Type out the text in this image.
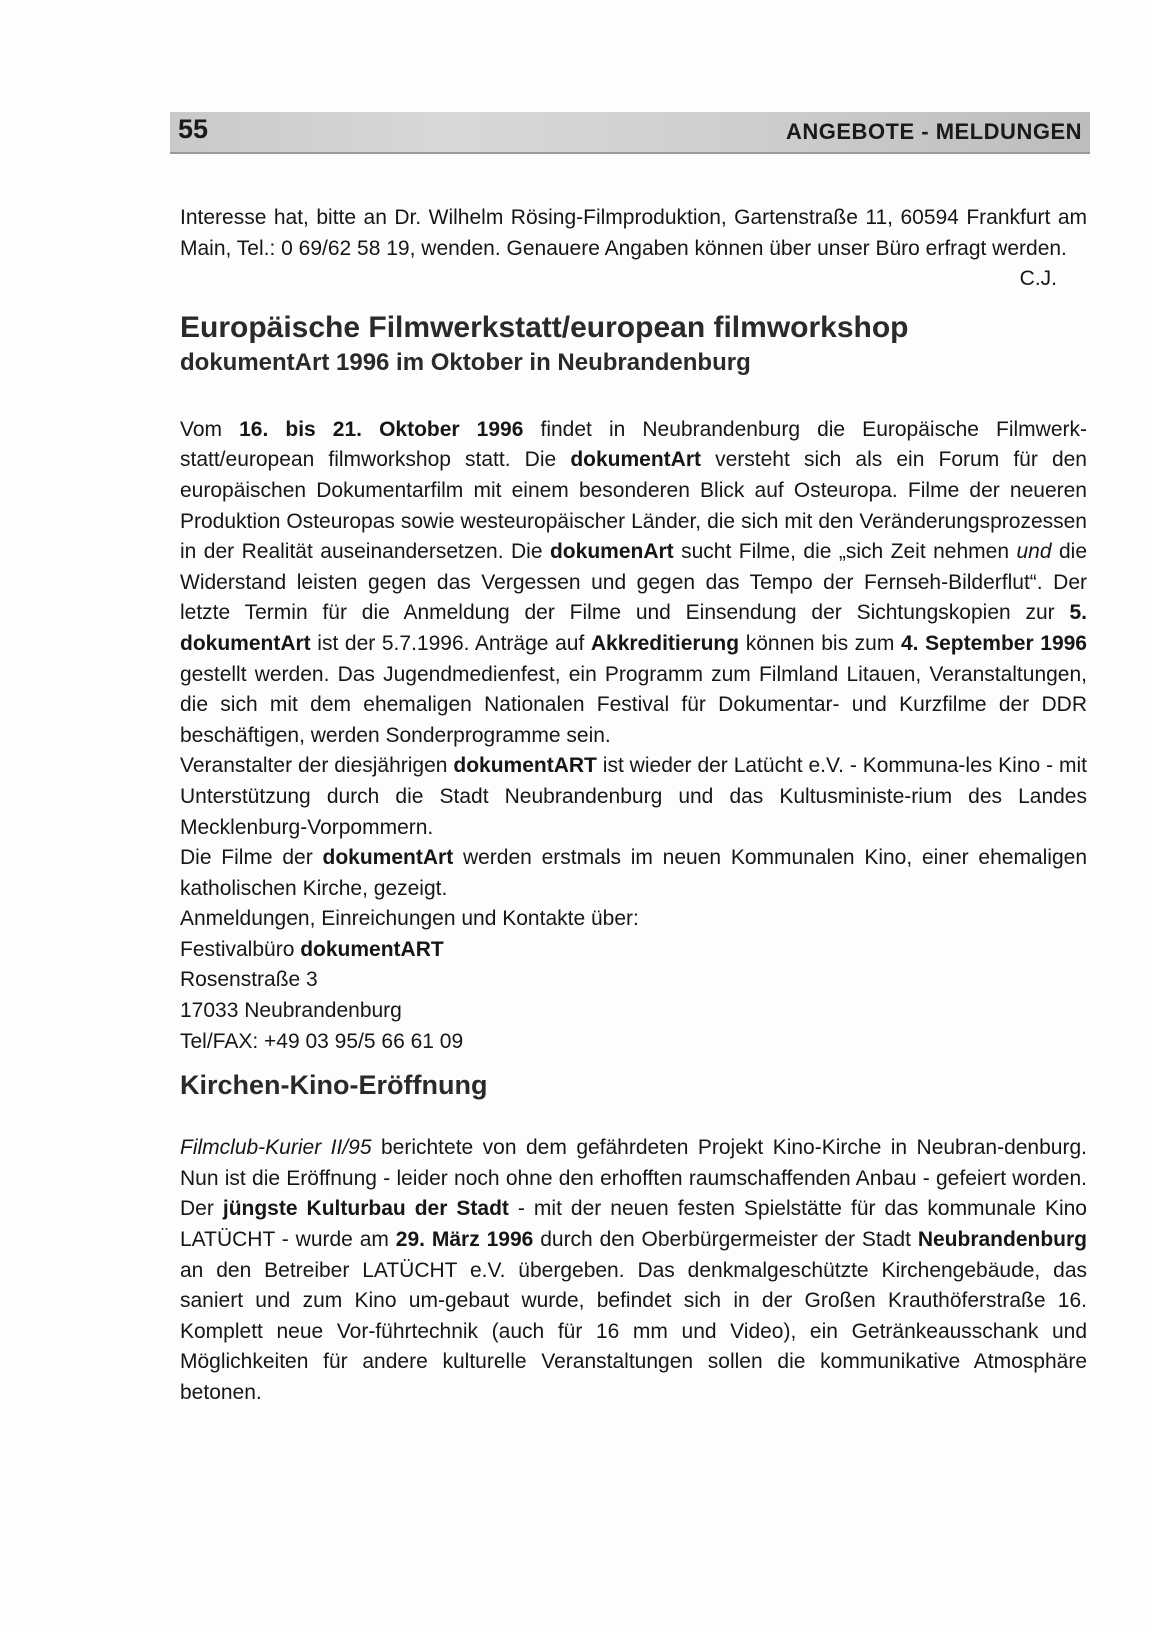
55	ANGEBOTE - MELDUNGEN

Interesse hat, bitte an Dr. Wilhelm Rösing-Filmproduktion, Gartenstraße 11, 60594 Frankfurt am Main, Tel.: 0 69/62 58 19, wenden. Genauere Angaben können über unser Büro erfragt werden.

C.J.
Europäische Filmwerkstatt/european filmworkshop
dokumentArt 1996 im Oktober in Neubrandenburg

Vom 16. bis 21. Oktober 1996 findet in Neubrandenburg die Europäische Filmwerk-statt/european filmworkshop statt. Die dokumentArt versteht sich als ein Forum für den europäischen Dokumentarfilm mit einem besonderen Blick auf Osteuropa. Filme der neueren Produktion Osteuropas sowie westeuropäischer Länder, die sich mit den Veränderungsprozessen in der Realität auseinandersetzen. Die dokumenArt sucht Filme, die „sich Zeit nehmen und die Widerstand leisten gegen das Vergessen und gegen das Tempo der Fernseh-Bilderflut“. Der letzte Termin für die Anmeldung der Filme und Einsendung der Sichtungskopien zur 5. dokumentArt ist der 5.7.1996. Anträge auf Akkreditierung können bis zum 4. September 1996 gestellt werden. Das Jugendmedienfest, ein Programm zum Filmland Litauen, Veranstaltungen, die sich mit dem ehemaligen Nationalen Festival für Dokumentar- und Kurzfilme der DDR beschäftigen, werden Sonderprogramme sein.

Veranstalter der diesjährigen dokumentART ist wieder der Latücht e.V. - Kommuna-les Kino - mit Unterstützung durch die Stadt Neubrandenburg und das Kultusministe-rium des Landes Mecklenburg-Vorpommern.

Die Filme der dokumentArt werden erstmals im neuen Kommunalen Kino, einer ehemaligen katholischen Kirche, gezeigt.

Anmeldungen, Einreichungen und Kontakte über:
Festivalbüro dokumentART
Rosenstraße 3
17033 Neubrandenburg
Tel/FAX: +49 03 95/5 66 61 09
Kirchen-Kino-Eröffnung

Filmclub-Kurier II/95 berichtete von dem gefährdeten Projekt Kino-Kirche in Neubran-denburg. Nun ist die Eröffnung - leider noch ohne den erhofften raumschaffenden Anbau - gefeiert worden. Der jüngste Kulturbau der Stadt - mit der neuen festen Spielstätte für das kommunale Kino LATÜCHT - wurde am 29. März 1996 durch den Oberbürgermeister der Stadt Neubrandenburg an den Betreiber LATÜCHT e.V. übergeben. Das denkmalgeschützte Kirchengebäude, das saniert und zum Kino um-gebaut wurde, befindet sich in der Großen Krauthöferstraße 16. Komplett neue Vor-führtechnik (auch für 16 mm und Video), ein Getränkeausschank und Möglichkeiten für andere kulturelle Veranstaltungen sollen die kommunikative Atmosphäre betonen.
